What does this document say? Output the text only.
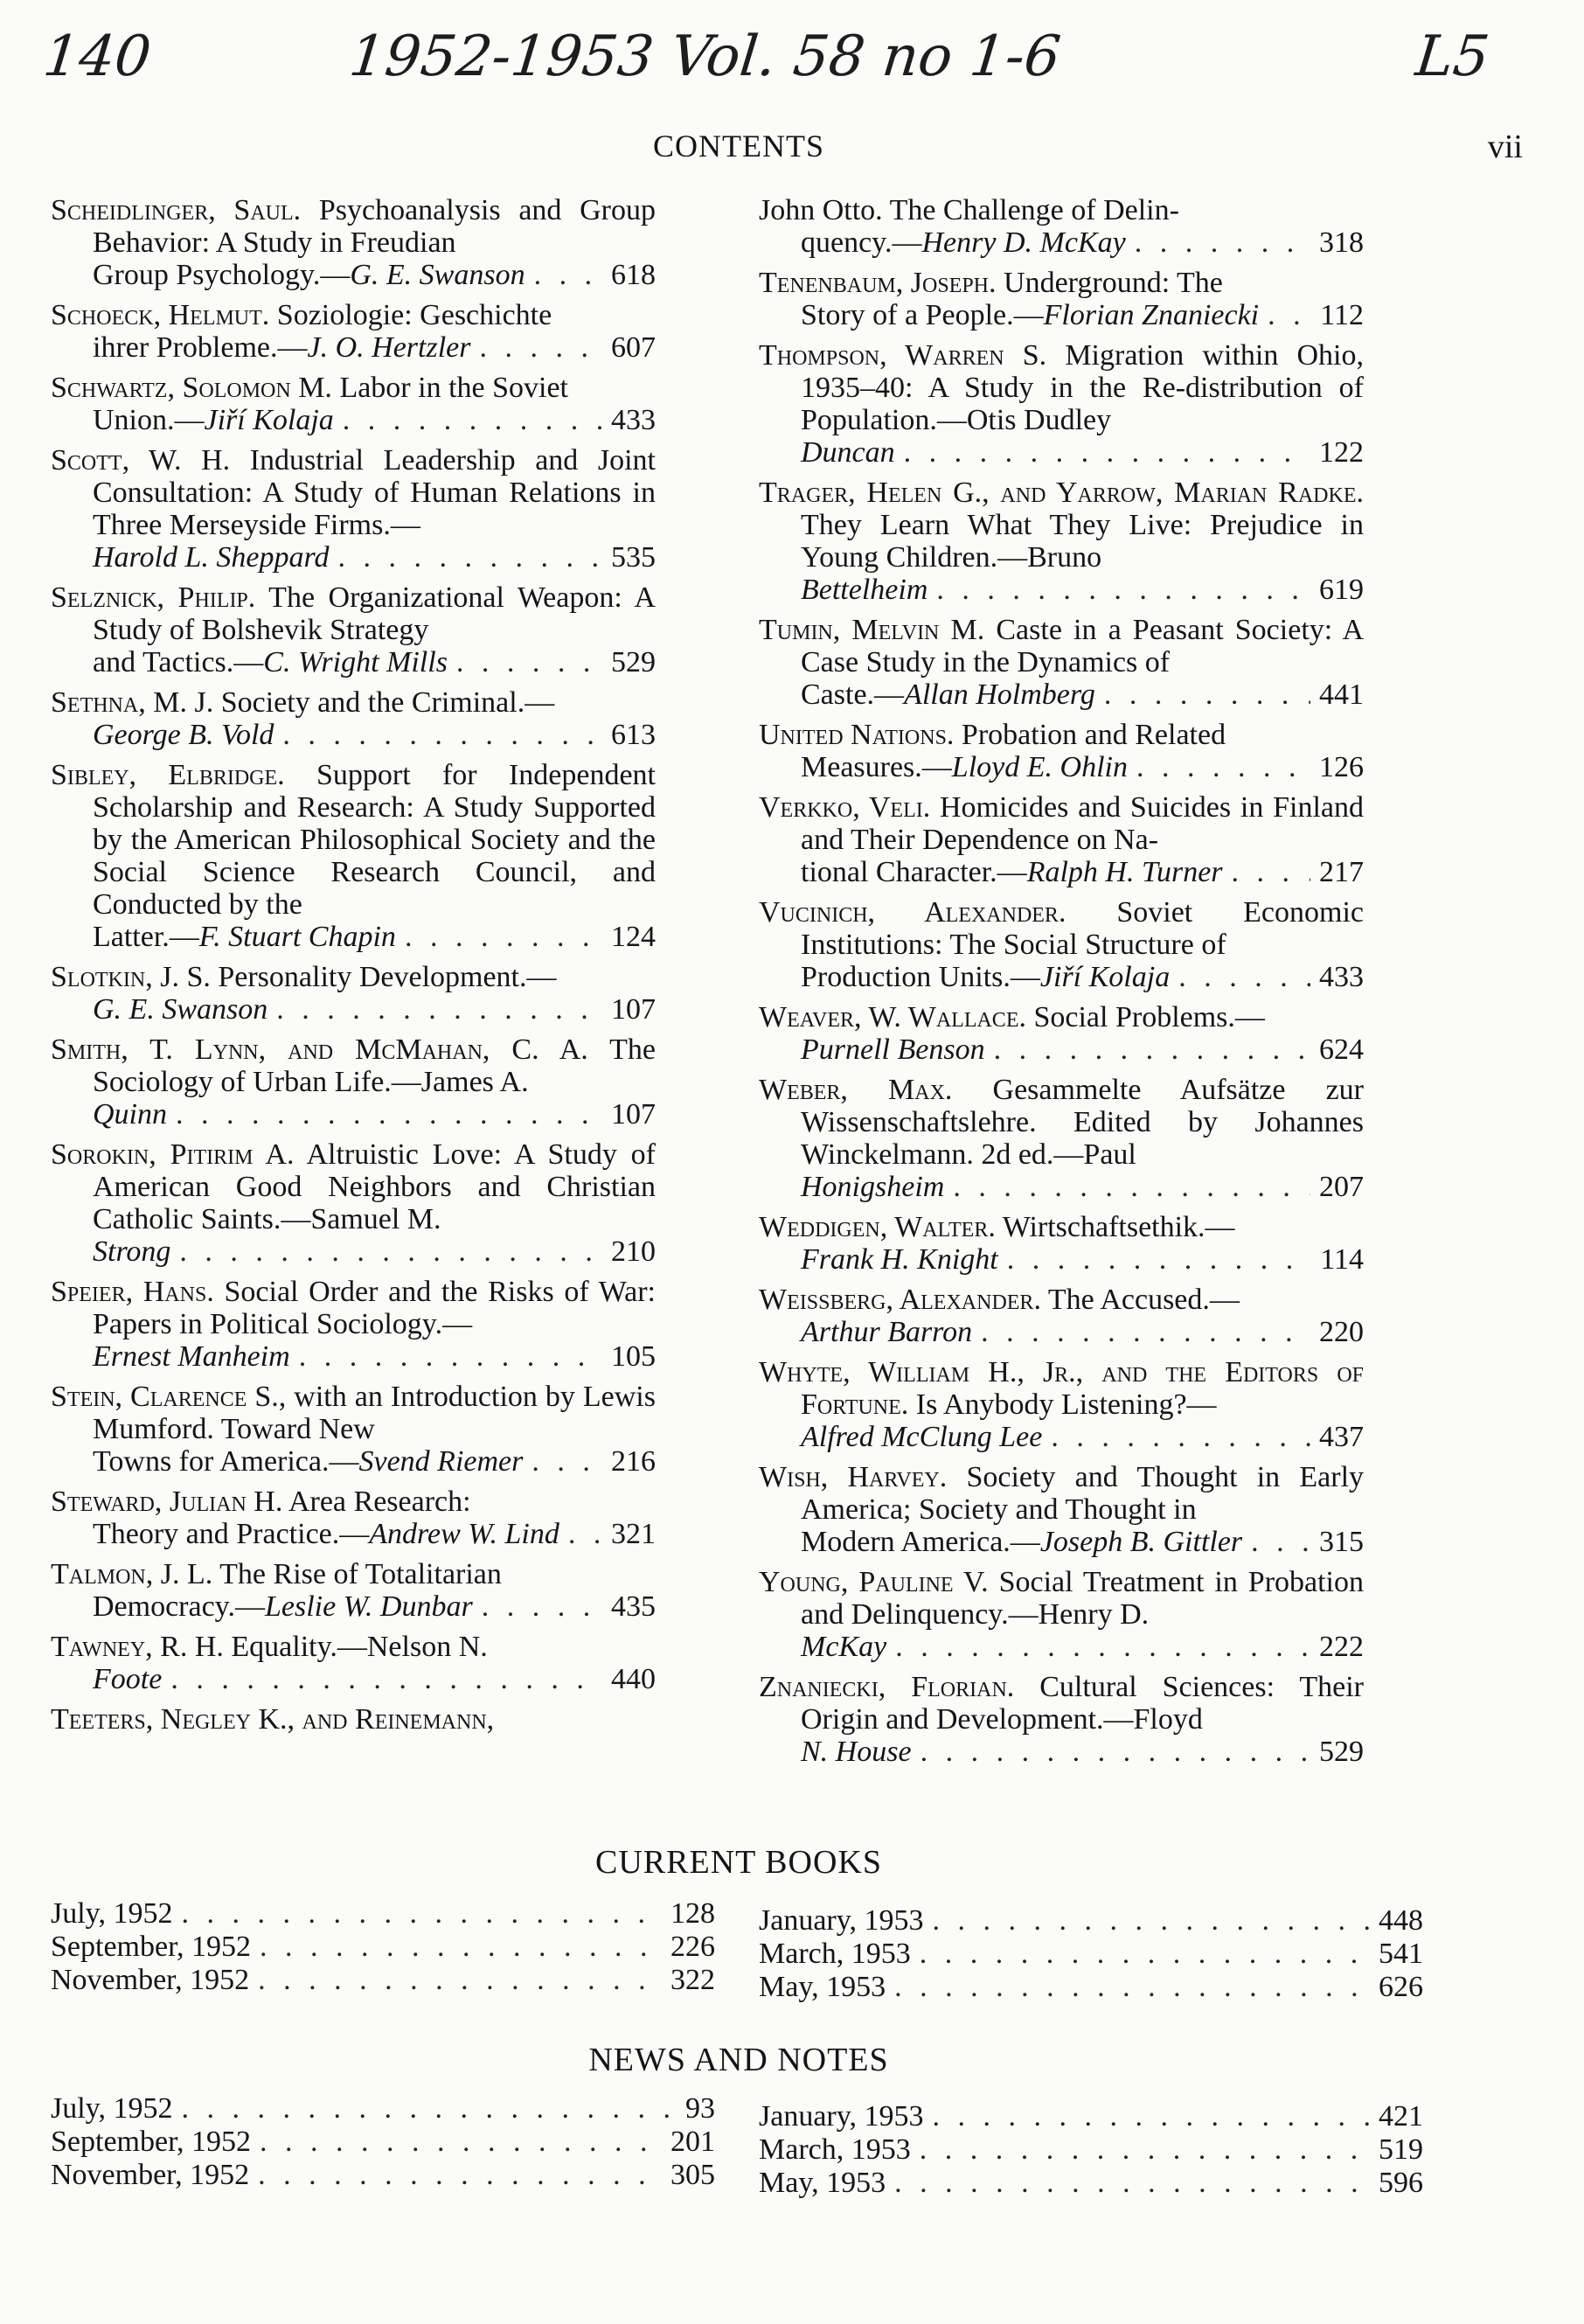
140	1952-1953 Vol. 58 no 1-6	L5
CONTENTS	vii
Scheidlinger, Saul. Psychoanalysis and Group Behavior: A Study in Freudian
Group Psychology.—G. E. Swanson . . .	618
Schoeck, Helmut. Soziologie: Geschichte
ihrer Probleme.—J. O. Hertzler . . .	607
Schwartz, Solomon M. Labor in the Soviet
Union.—Jiří Kolaja . . .	433
Scott, W. H. Industrial Leadership and Joint Consultation: A Study of Human Relations in Three Merseyside Firms.—
Harold L. Sheppard . . .	535
Selznick, Philip. The Organizational Weapon: A Study of Bolshevik Strategy
and Tactics.—C. Wright Mills . . .	529
Sethna, M. J. Society and the Criminal.—
George B. Vold . . .	613
Sibley, Elbridge. Support for Independent Scholarship and Research: A Study Supported by the American Philosophical Society and the Social Science Research Council, and Conducted by the
Latter.—F. Stuart Chapin . . .	124
Slotkin, J. S. Personality Development.—
G. E. Swanson . . .	107
Smith, T. Lynn, and McMahan, C. A. The Sociology of Urban Life.—James A.
Quinn . . .	107
Sorokin, Pitirim A. Altruistic Love: A Study of American Good Neighbors and Christian Catholic Saints.—Samuel M.
Strong . . .	210
Speier, Hans. Social Order and the Risks of War: Papers in Political Sociology.—
Ernest Manheim . . .	105
Stein, Clarence S., with an Introduction by Lewis Mumford. Toward New
Towns for America.—Svend Riemer . . .	216
Steward, Julian H. Area Research:
Theory and Practice.—Andrew W. Lind . . . 321
Talmon, J. L. The Rise of Totalitarian
Democracy.—Leslie W. Dunbar . . .	435
Tawney, R. H. Equality.—Nelson N.
Foote . . .	440
Teeters, Negley K., and Reinemann,
John Otto. The Challenge of Delin-
quency.—Henry D. McKay . . .	318
Tenenbaum, Joseph. Underground: The
Story of a People.—Florian Znaniecki . . . 112
Thompson, Warren S. Migration within Ohio, 1935–40: A Study in the Re-distribution of Population.—Otis Dudley
Duncan . . .	122
Trager, Helen G., and Yarrow, Marian Radke. They Learn What They Live: Prejudice in Young Children.—Bruno
Bettelheim . . .	619
Tumin, Melvin M. Caste in a Peasant Society: A Case Study in the Dynamics of
Caste.—Allan Holmberg . . .	441
United Nations. Probation and Related
Measures.—Lloyd E. Ohlin . . .	126
Verkko, Veli. Homicides and Suicides in Finland and Their Dependence on Na-
tional Character.—Ralph H. Turner . . .	217
Vucinich, Alexander. Soviet Economic Institutions: The Social Structure of
Production Units.—Jiří Kolaja . . .	433
Weaver, W. Wallace. Social Problems.—
Purnell Benson . . .	624
Weber, Max. Gesammelte Aufsätze zur Wissenschaftslehre. Edited by Johannes Winckelmann. 2d ed.—Paul
Honigsheim . . .	207
Weddigen, Walter. Wirtschaftsethik.—
Frank H. Knight . . .	114
Weissberg, Alexander. The Accused.—
Arthur Barron . . .	220
Whyte, William H., Jr., and the Editors of Fortune. Is Anybody Listening?—
Alfred McClung Lee . . .	437
Wish, Harvey. Society and Thought in Early America; Society and Thought in
Modern America.—Joseph B. Gittler . . .	315
Young, Pauline V. Social Treatment in Probation and Delinquency.—Henry D.
McKay . . .	222
Znaniecki, Florian. Cultural Sciences: Their Origin and Development.—Floyd
N. House . . .	529
CURRENT BOOKS
July, 1952 . . .	128
September, 1952 . . .	226
November, 1952 . . .	322
January, 1953 . . .	448
March, 1953 . . .	541
May, 1953 . . .	626
NEWS AND NOTES
July, 1952 . . .	93
September, 1952 . . .	201
November, 1952 . . .	305
January, 1953 . . .	421
March, 1953 . . .	519
May, 1953 . . .	596
